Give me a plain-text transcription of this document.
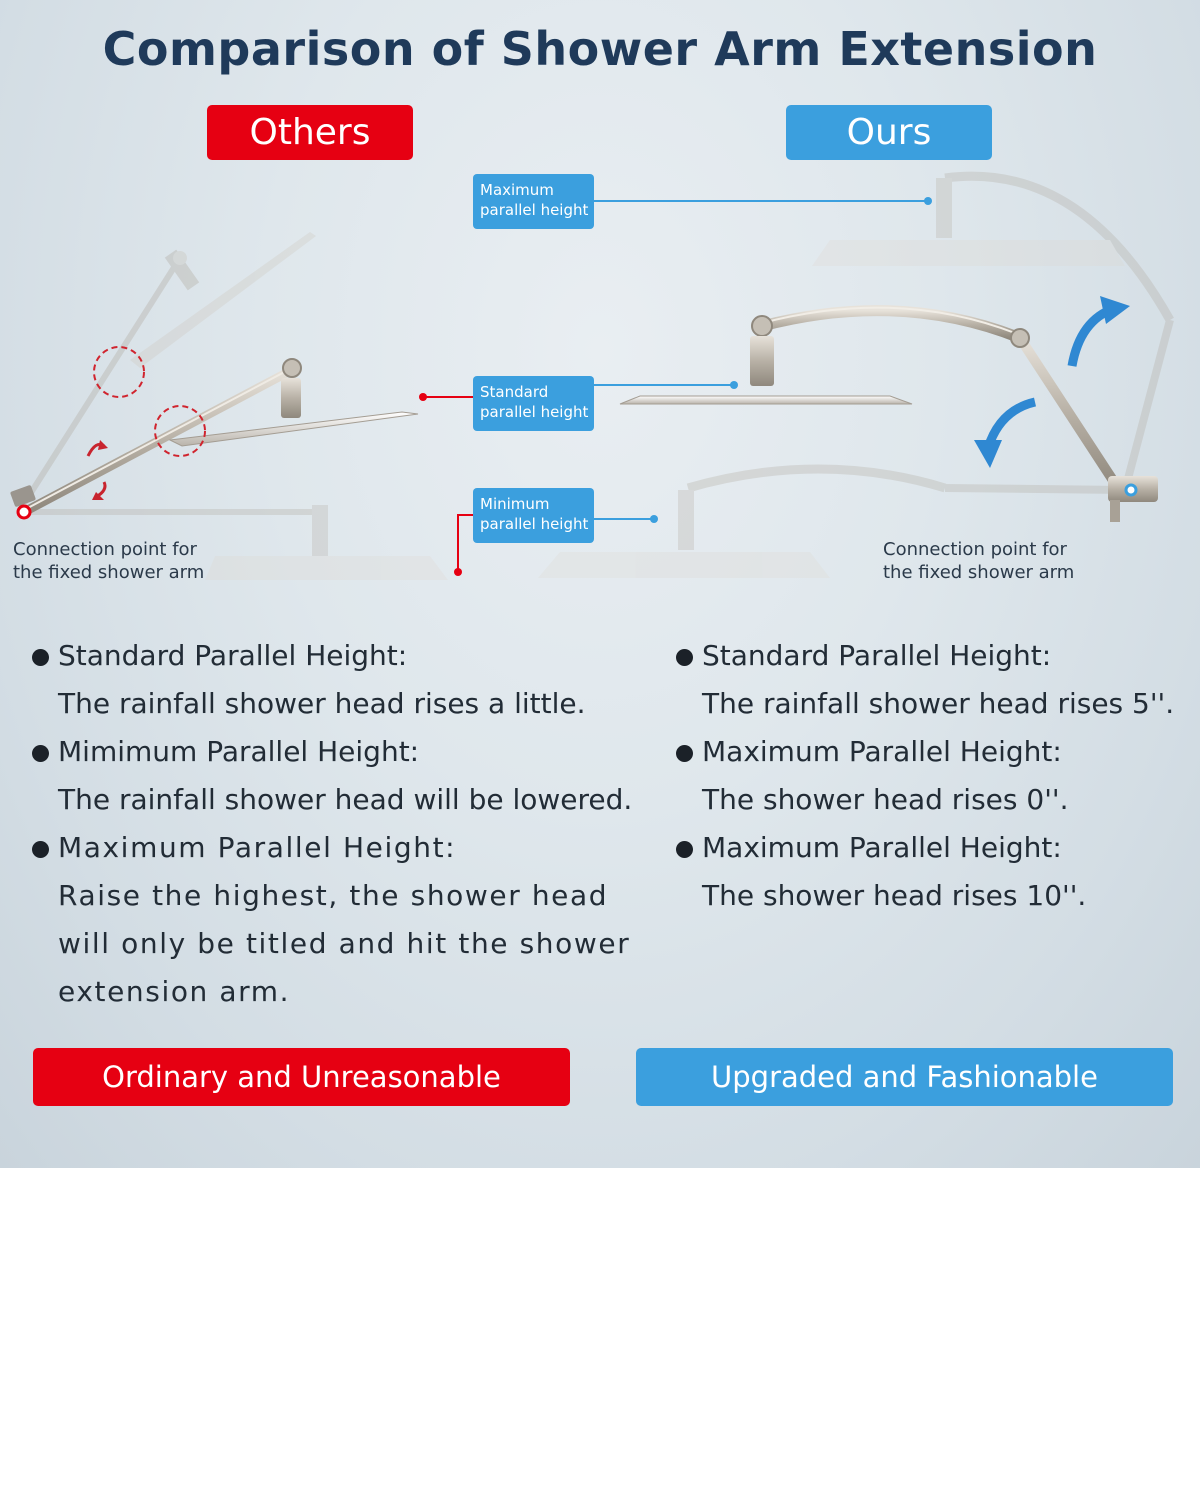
Comparison of Shower Arm Extension
Others	Ours
Maximum
parallel height
Standard
parallel height
Minimum
parallel height
Connection point for
the fixed shower arm
Connection point for
the fixed shower arm
Standard Parallel Height:
The rainfall shower head rises a little.
Mimimum Parallel Height:
The rainfall shower head will be lowered.
Maximum Parallel Height:
Raise the highest, the shower head
will only be titled and hit the shower
extension arm.
Standard Parallel Height:
The rainfall shower head rises 5''.
Maximum Parallel Height:
The shower head rises 0''.
Maximum Parallel Height:
The shower head rises 10''.
Ordinary and Unreasonable	Upgraded and Fashionable
